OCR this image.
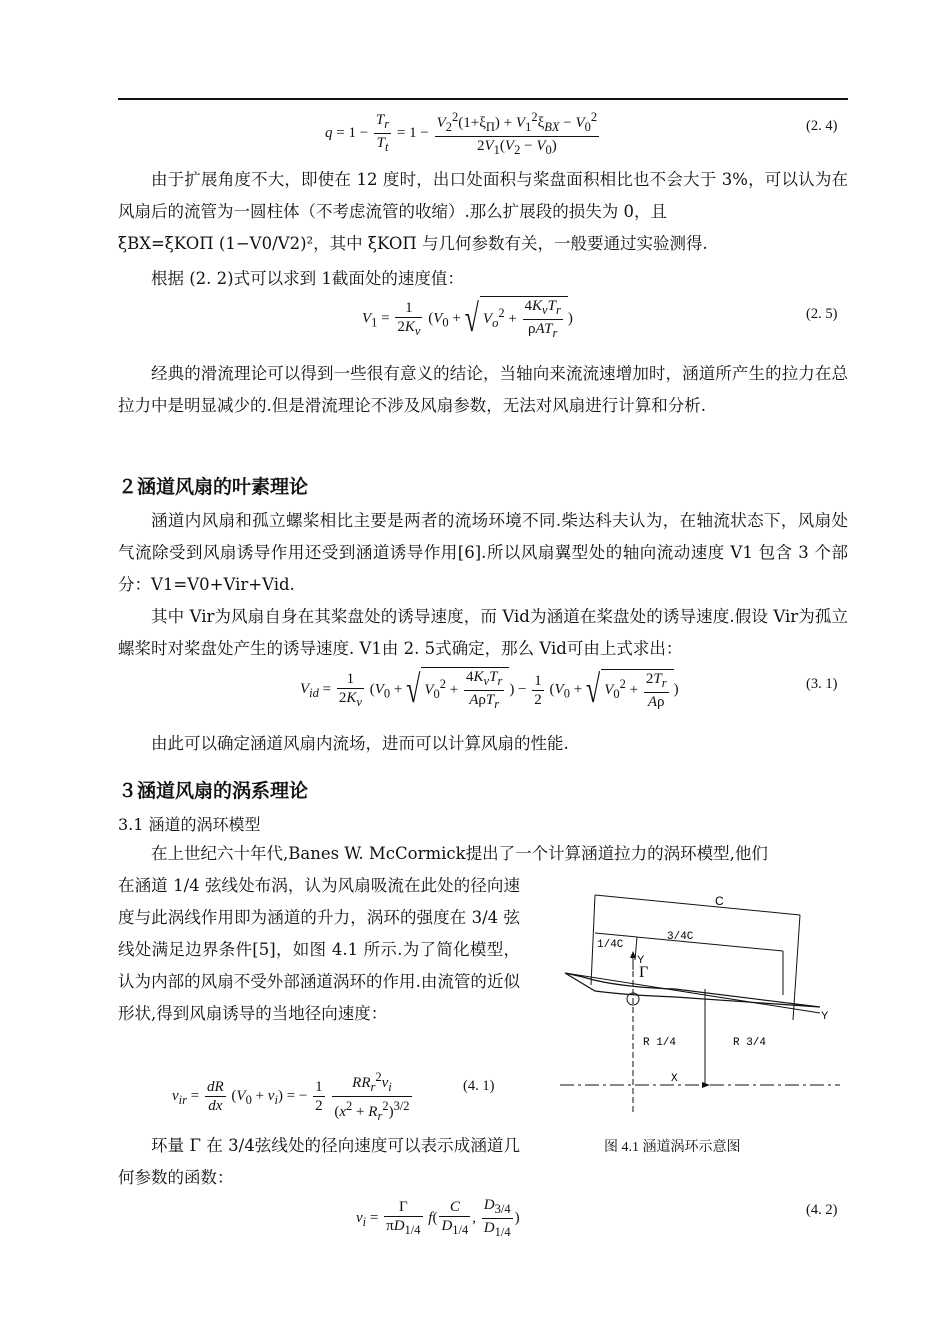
$q = 1 - \frac{T_r}{T_t} = 1 - \frac{V_2^2(1+\xi_\Pi) + V_1^2\xi_{BX} - V_0^2}{2V_1(V_2 - V_0)}$	(2. 4)
由于扩展角度不大，即使在 12 度时，出口处面积与桨盘面积相比也不会大于 3%，可以认为在风扇后的流管为一圆柱体（不考虑流管的收缩）.那么扩展段的损失为 0，且
ξBX=ξKOΠ (1−V0/V2)²，其中 ξKOΠ 与几何参数有关，一般要通过实验测得.
根据 (2. 2)式可以求到 1截面处的速度值：
$V_1 = \frac{1}{2K_v} (V_0$ + √ $V_o^2 + \frac{4K_vT_r}{\rho AT_r}$ )	(2. 5)
经典的滑流理论可以得到一些很有意义的结论，当轴向来流流速增加时，涵道所产生的拉力在总拉力中是明显减少的.但是滑流理论不涉及风扇参数，无法对风扇进行计算和分析.
２涵道风扇的叶素理论
涵道内风扇和孤立螺桨相比主要是两者的流场环境不同.柴达科夫认为，在轴流状态下，风扇处气流除受到风扇诱导作用还受到涵道诱导作用[6].所以风扇翼型处的轴向流动速度 V1 包含 3 个部分：V1=V0+Vir+Vid.
其中 Vir为风扇自身在其桨盘处的诱导速度，而 Vid为涵道在桨盘处的诱导速度.假设 Vir为孤立螺桨时对桨盘处产生的诱导速度. V1由 2. 5式确定，那么 Vid可由上式求出：
$V_{id} = \frac{1}{2K_v} (V_0$ + √ $V_0^2 + \frac{4K_vT_r}{A\rho T_r}$ ) − $\frac{1}{2} (V_0$ + √ $V_0^2 + \frac{2T_r}{A\rho}$ )	(3. 1)
由此可以确定涵道风扇内流场，进而可以计算风扇的性能.
３涵道风扇的涡系理论
3.1 涵道的涡环模型
在上世纪六十年代,Banes W. McCormick提出了一个计算涵道拉力的涡环模型,他们
在涵道 1/4 弦线处布涡，认为风扇吸流在此处的径向速度与此涡线作用即为涵道的升力，涡环的强度在 3/4 弦线处满足边界条件[5]，如图 4.1 所示.为了简化模型，认为内部的风扇不受外部涵道涡环的作用.由流管的近似形状,得到风扇诱导的当地径向速度：
$v_{ir} = \frac{dR}{dx} (V_0 + v_i)$ = − $\frac{1}{2}$
$\frac{RR_r^2v_i}{(x^2 + R_r^2)^{3/2}}$	(4. 1)
环量 Γ 在 3/4弦线处的径向速度可以表示成涵道几何参数的函数：
$v_i = \frac{\Gamma}{\pi D_{1/4}} f( \frac{C}{D_{1/4}}$ , $\frac{D_{3/4}}{D_{1/4}}$ )	(4. 2)
C
1/4C
3/4C
Γ
Y
Y
R 1/4	R 3/4
X
图 4.1 涵道涡环示意图
